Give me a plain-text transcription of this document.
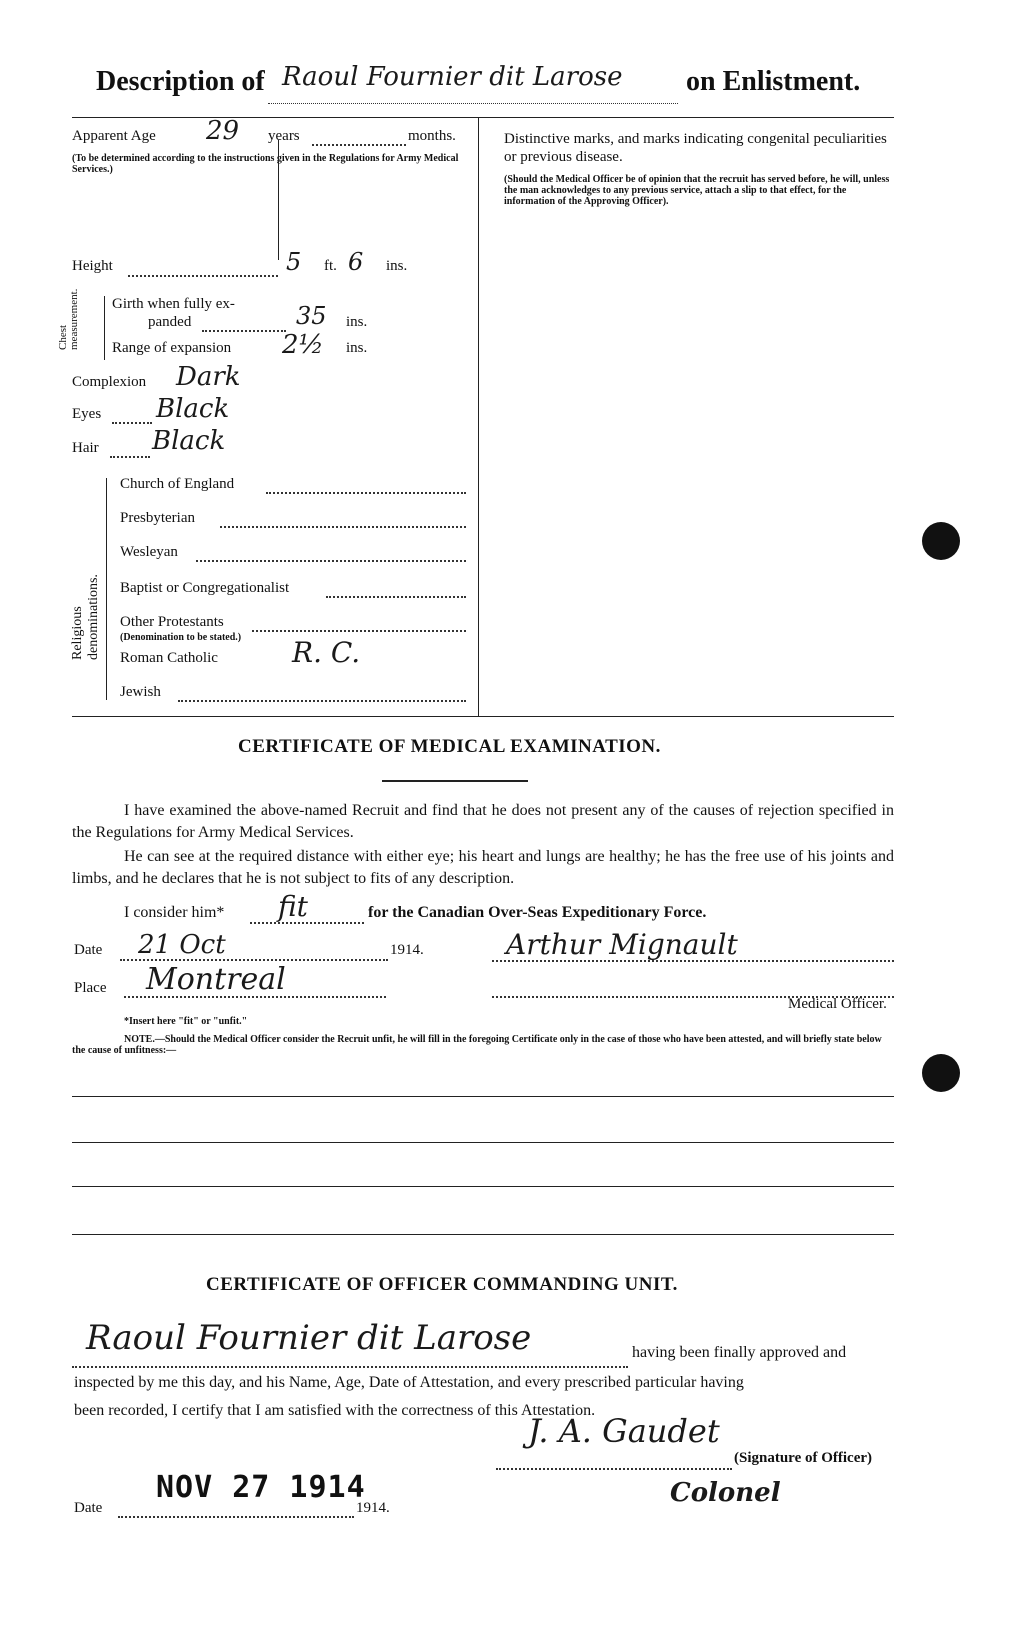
Description of Raoul Fournier dit Larose on Enlistment.
Apparent Age 29 years	months.
(To be determined according to the instructions given in the Regulations for Army Medical Services.)
Height	5 ft. 6 ins.
Chest measurement. Girth when fully ex-
panded	35 ins.
Range of expansion 2½ ins.
Complexion Dark
Eyes Black
Hair Black
Religious denominations.
Church of England
Presbyterian
Wesleyan
Baptist or Congregationalist
Other Protestants
(Denomination to be stated.)
Roman Catholic	R. C.
Jewish
Distinctive marks, and marks indicating congenital peculiarities or previous disease.
(Should the Medical Officer be of opinion that the recruit has served before, he will, unless the man acknowledges to any previous service, attach a slip to that effect, for the information of the Approving Officer).
CERTIFICATE OF MEDICAL EXAMINATION.
I have examined the above-named Recruit and find that he does not present any of the causes of rejection specified in the Regulations for Army Medical Services.
He can see at the required distance with either eye; his heart and lungs are healthy; he has the free use of his joints and limbs, and he declares that he is not subject to fits of any description.
I consider him* fit	for the Canadian Over-Seas Expeditionary Force.
Date 21 Oct	1914.	Arthur Mignault
Place Montreal
Medical Officer.
*Insert here "fit" or "unfit."
NOTE.—Should the Medical Officer consider the Recruit unfit, he will fill in the foregoing Certificate only in the case of those who have been attested, and will briefly state below the cause of unfitness:—
CERTIFICATE OF OFFICER COMMANDING UNIT.
Raoul Fournier dit Larose	having been finally approved and
inspected by me this day, and his Name, Age, Date of Attestation, and every prescribed particular having
been recorded, I certify that I am satisfied with the correctness of this Attestation.
J. A. Gaudet
(Signature of Officer)
Colonel
NOV 27 1914
Date	1914.
